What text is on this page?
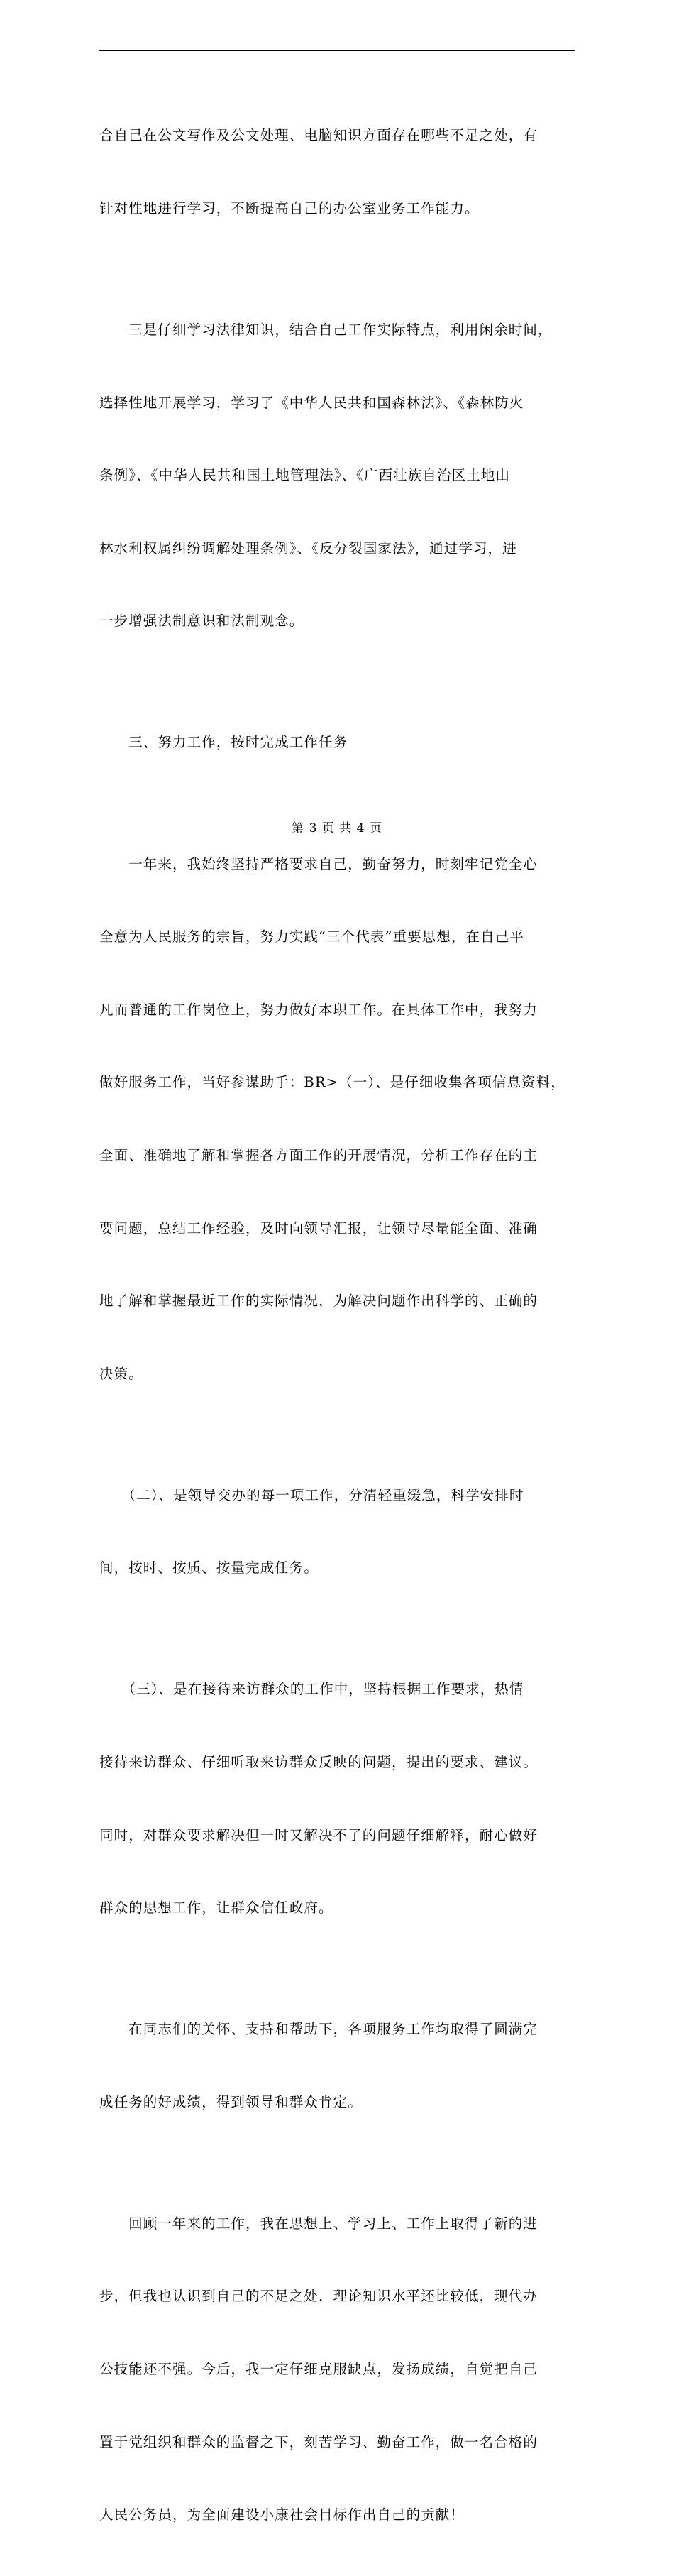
合自己在公文写作及公文处理、电脑知识方面存在哪些不足之处，有

针对性地进行学习，不断提高自己的办公室业务工作能力。

　　三是仔细学习法律知识，结合自己工作实际特点，利用闲余时间，

选择性地开展学习，学习了《中华人民共和国森林法》、《森林防火

条例》、《中华人民共和国土地管理法》、《广西壮族自治区土地山

林水利权属纠纷调解处理条例》、《反分裂国家法》，通过学习，进

一步增强法制意识和法制观念。

　　三、努力工作，按时完成工作任务

　　一年来，我始终坚持严格要求自己，勤奋努力，时刻牢记党全心

全意为人民服务的宗旨，努力实践“三个代表”重要思想，在自己平

凡而普通的工作岗位上，努力做好本职工作。在具体工作中，我努力

做好服务工作，当好参谋助手：BR>（一）、是仔细收集各项信息资料，

全面、准确地了解和掌握各方面工作的开展情况，分析工作存在的主

要问题，总结工作经验，及时向领导汇报，让领导尽量能全面、准确

地了解和掌握最近工作的实际情况，为解决问题作出科学的、正确的

决策。

　　（二）、是领导交办的每一项工作，分清轻重缓急，科学安排时

间，按时、按质、按量完成任务。

　　（三）、是在接待来访群众的工作中，坚持根据工作要求，热情

接待来访群众、仔细听取来访群众反映的问题，提出的要求、建议。

同时，对群众要求解决但一时又解决不了的问题仔细解释，耐心做好

群众的思想工作，让群众信任政府。

　　在同志们的关怀、支持和帮助下，各项服务工作均取得了圆满完

成任务的好成绩，得到领导和群众肯定。

　　回顾一年来的工作，我在思想上、学习上、工作上取得了新的进

步，但我也认识到自己的不足之处，理论知识水平还比较低，现代办

公技能还不强。今后，我一定仔细克服缺点，发扬成绩，自觉把自己

置于党组织和群众的监督之下，刻苦学习、勤奋工作，做一名合格的

人民公务员，为全面建设小康社会目标作出自己的贡献！

第 3 页 共 4 页
